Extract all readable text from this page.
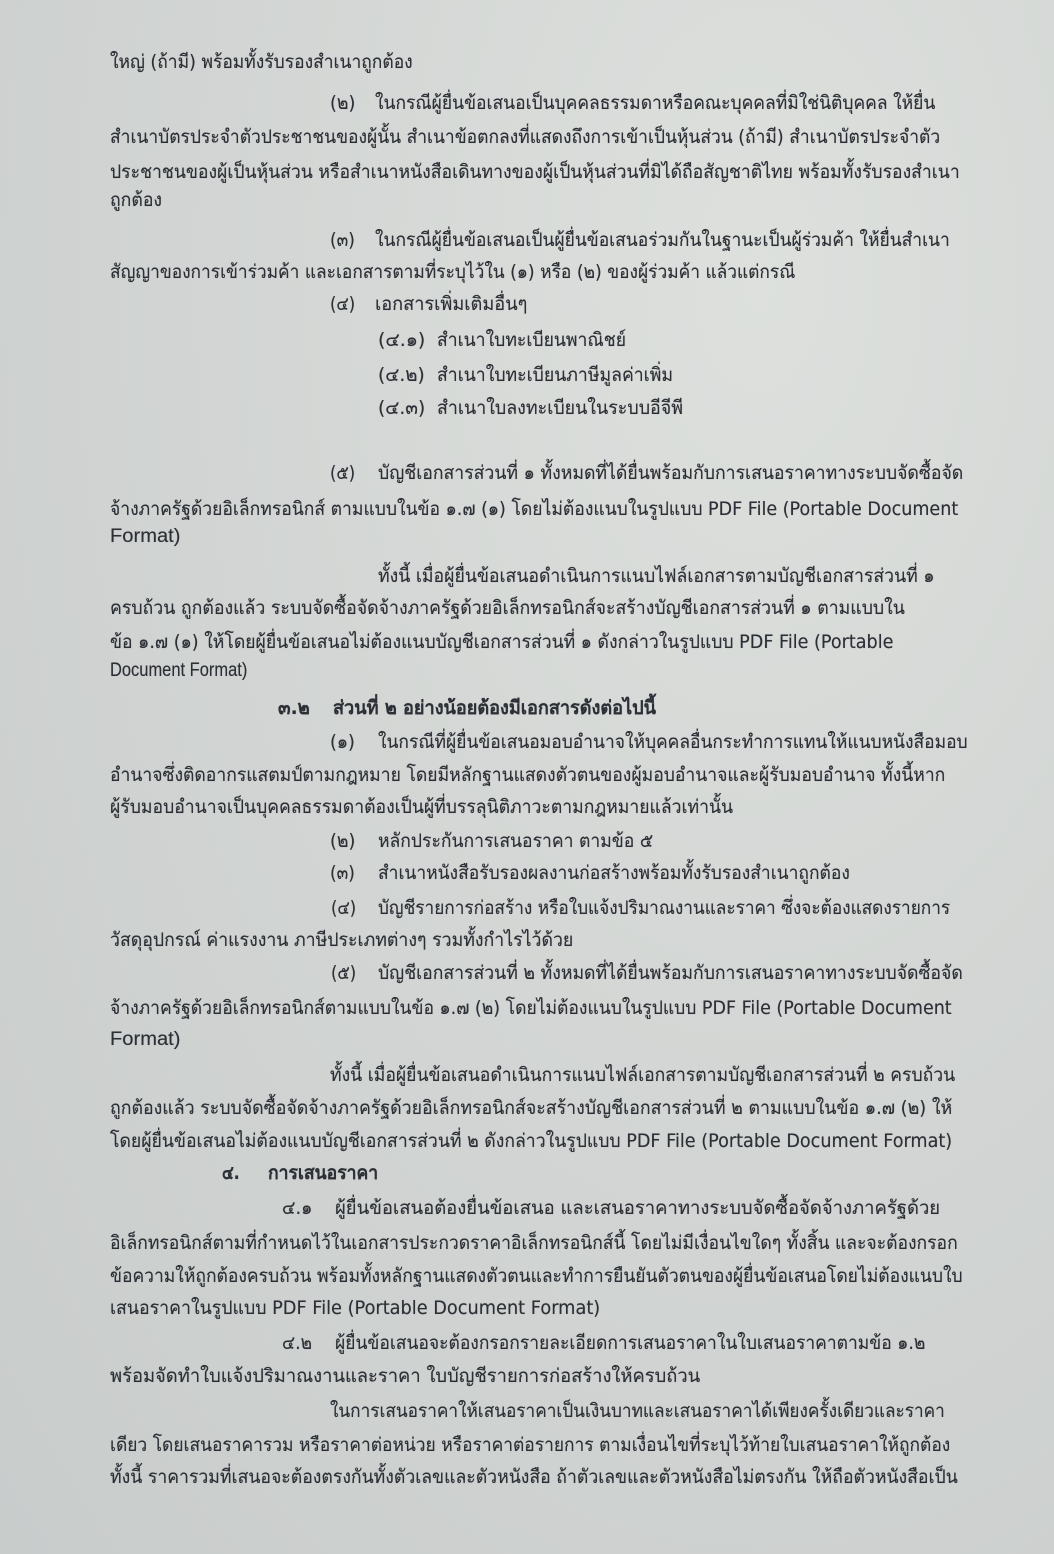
ใหญ่ (ถ้ามี) พร้อมทั้งรับรองสำเนาถูกต้อง
(๒) ในกรณีผู้ยื่นข้อเสนอเป็นบุคคลธรรมดาหรือคณะบุคคลที่มิใช่นิติบุคคล ให้ยื่น
สำเนาบัตรประจำตัวประชาชนของผู้นั้น สำเนาข้อตกลงที่แสดงถึงการเข้าเป็นหุ้นส่วน (ถ้ามี) สำเนาบัตรประจำตัว
ประชาชนของผู้เป็นหุ้นส่วน หรือสำเนาหนังสือเดินทางของผู้เป็นหุ้นส่วนที่มิได้ถือสัญชาติไทย พร้อมทั้งรับรองสำเนา
ถูกต้อง
(๓) ในกรณีผู้ยื่นข้อเสนอเป็นผู้ยื่นข้อเสนอร่วมกันในฐานะเป็นผู้ร่วมค้า ให้ยื่นสำเนา
สัญญาของการเข้าร่วมค้า และเอกสารตามที่ระบุไว้ใน (๑) หรือ (๒) ของผู้ร่วมค้า แล้วแต่กรณี
(๔) เอกสารเพิ่มเติมอื่นๆ
(๔.๑) สำเนาใบทะเบียนพาณิชย์
(๔.๒) สำเนาใบทะเบียนภาษีมูลค่าเพิ่ม
(๔.๓) สำเนาใบลงทะเบียนในระบบอีจีพี
(๕) บัญชีเอกสารส่วนที่ ๑ ทั้งหมดที่ได้ยื่นพร้อมกับการเสนอราคาทางระบบจัดซื้อจัด
จ้างภาครัฐด้วยอิเล็กทรอนิกส์ ตามแบบในข้อ ๑.๗ (๑) โดยไม่ต้องแนบในรูปแบบ PDF File (Portable Document
Format)
ทั้งนี้ เมื่อผู้ยื่นข้อเสนอดำเนินการแนบไฟล์เอกสารตามบัญชีเอกสารส่วนที่ ๑
ครบถ้วน ถูกต้องแล้ว ระบบจัดซื้อจัดจ้างภาครัฐด้วยอิเล็กทรอนิกส์จะสร้างบัญชีเอกสารส่วนที่ ๑ ตามแบบใน
ข้อ ๑.๗ (๑) ให้โดยผู้ยื่นข้อเสนอไม่ต้องแนบบัญชีเอกสารส่วนที่ ๑ ดังกล่าวในรูปแบบ PDF File (Portable
Document Format)
๓.๒ ส่วนที่ ๒ อย่างน้อยต้องมีเอกสารดังต่อไปนี้
(๑) ในกรณีที่ผู้ยื่นข้อเสนอมอบอำนาจให้บุคคลอื่นกระทำการแทนให้แนบหนังสือมอบ
อำนาจซึ่งติดอากรแสตมป์ตามกฎหมาย โดยมีหลักฐานแสดงตัวตนของผู้มอบอำนาจและผู้รับมอบอำนาจ ทั้งนี้หาก
ผู้รับมอบอำนาจเป็นบุคคลธรรมดาต้องเป็นผู้ที่บรรลุนิติภาวะตามกฎหมายแล้วเท่านั้น
(๒) หลักประกันการเสนอราคา ตามข้อ ๕
(๓) สำเนาหนังสือรับรองผลงานก่อสร้างพร้อมทั้งรับรองสำเนาถูกต้อง
(๔) บัญชีรายการก่อสร้าง หรือใบแจ้งปริมาณงานและราคา ซึ่งจะต้องแสดงรายการ
วัสดุอุปกรณ์ ค่าแรงงาน ภาษีประเภทต่างๆ รวมทั้งกำไรไว้ด้วย
(๕) บัญชีเอกสารส่วนที่ ๒ ทั้งหมดที่ได้ยื่นพร้อมกับการเสนอราคาทางระบบจัดซื้อจัด
จ้างภาครัฐด้วยอิเล็กทรอนิกส์ตามแบบในข้อ ๑.๗ (๒) โดยไม่ต้องแนบในรูปแบบ PDF File (Portable Document
Format)
ทั้งนี้ เมื่อผู้ยื่นข้อเสนอดำเนินการแนบไฟล์เอกสารตามบัญชีเอกสารส่วนที่ ๒ ครบถ้วน
ถูกต้องแล้ว ระบบจัดซื้อจัดจ้างภาครัฐด้วยอิเล็กทรอนิกส์จะสร้างบัญชีเอกสารส่วนที่ ๒ ตามแบบในข้อ ๑.๗ (๒) ให้
โดยผู้ยื่นข้อเสนอไม่ต้องแนบบัญชีเอกสารส่วนที่ ๒ ดังกล่าวในรูปแบบ PDF File (Portable Document Format)
๔. การเสนอราคา
๔.๑ ผู้ยื่นข้อเสนอต้องยื่นข้อเสนอ และเสนอราคาทางระบบจัดซื้อจัดจ้างภาครัฐด้วย
อิเล็กทรอนิกส์ตามที่กำหนดไว้ในเอกสารประกวดราคาอิเล็กทรอนิกส์นี้ โดยไม่มีเงื่อนไขใดๆ ทั้งสิ้น และจะต้องกรอก
ข้อความให้ถูกต้องครบถ้วน พร้อมทั้งหลักฐานแสดงตัวตนและทำการยืนยันตัวตนของผู้ยื่นข้อเสนอโดยไม่ต้องแนบใบ
เสนอราคาในรูปแบบ PDF File (Portable Document Format)
๔.๒ ผู้ยื่นข้อเสนอจะต้องกรอกรายละเอียดการเสนอราคาในใบเสนอราคาตามข้อ ๑.๒
พร้อมจัดทำใบแจ้งปริมาณงานและราคา ใบบัญชีรายการก่อสร้างให้ครบถ้วน
ในการเสนอราคาให้เสนอราคาเป็นเงินบาทและเสนอราคาได้เพียงครั้งเดียวและราคา
เดียว โดยเสนอราคารวม หรือราคาต่อหน่วย หรือราคาต่อรายการ ตามเงื่อนไขที่ระบุไว้ท้ายใบเสนอราคาให้ถูกต้อง
ทั้งนี้ ราคารวมที่เสนอจะต้องตรงกันทั้งตัวเลขและตัวหนังสือ ถ้าตัวเลขและตัวหนังสือไม่ตรงกัน ให้ถือตัวหนังสือเป็น
